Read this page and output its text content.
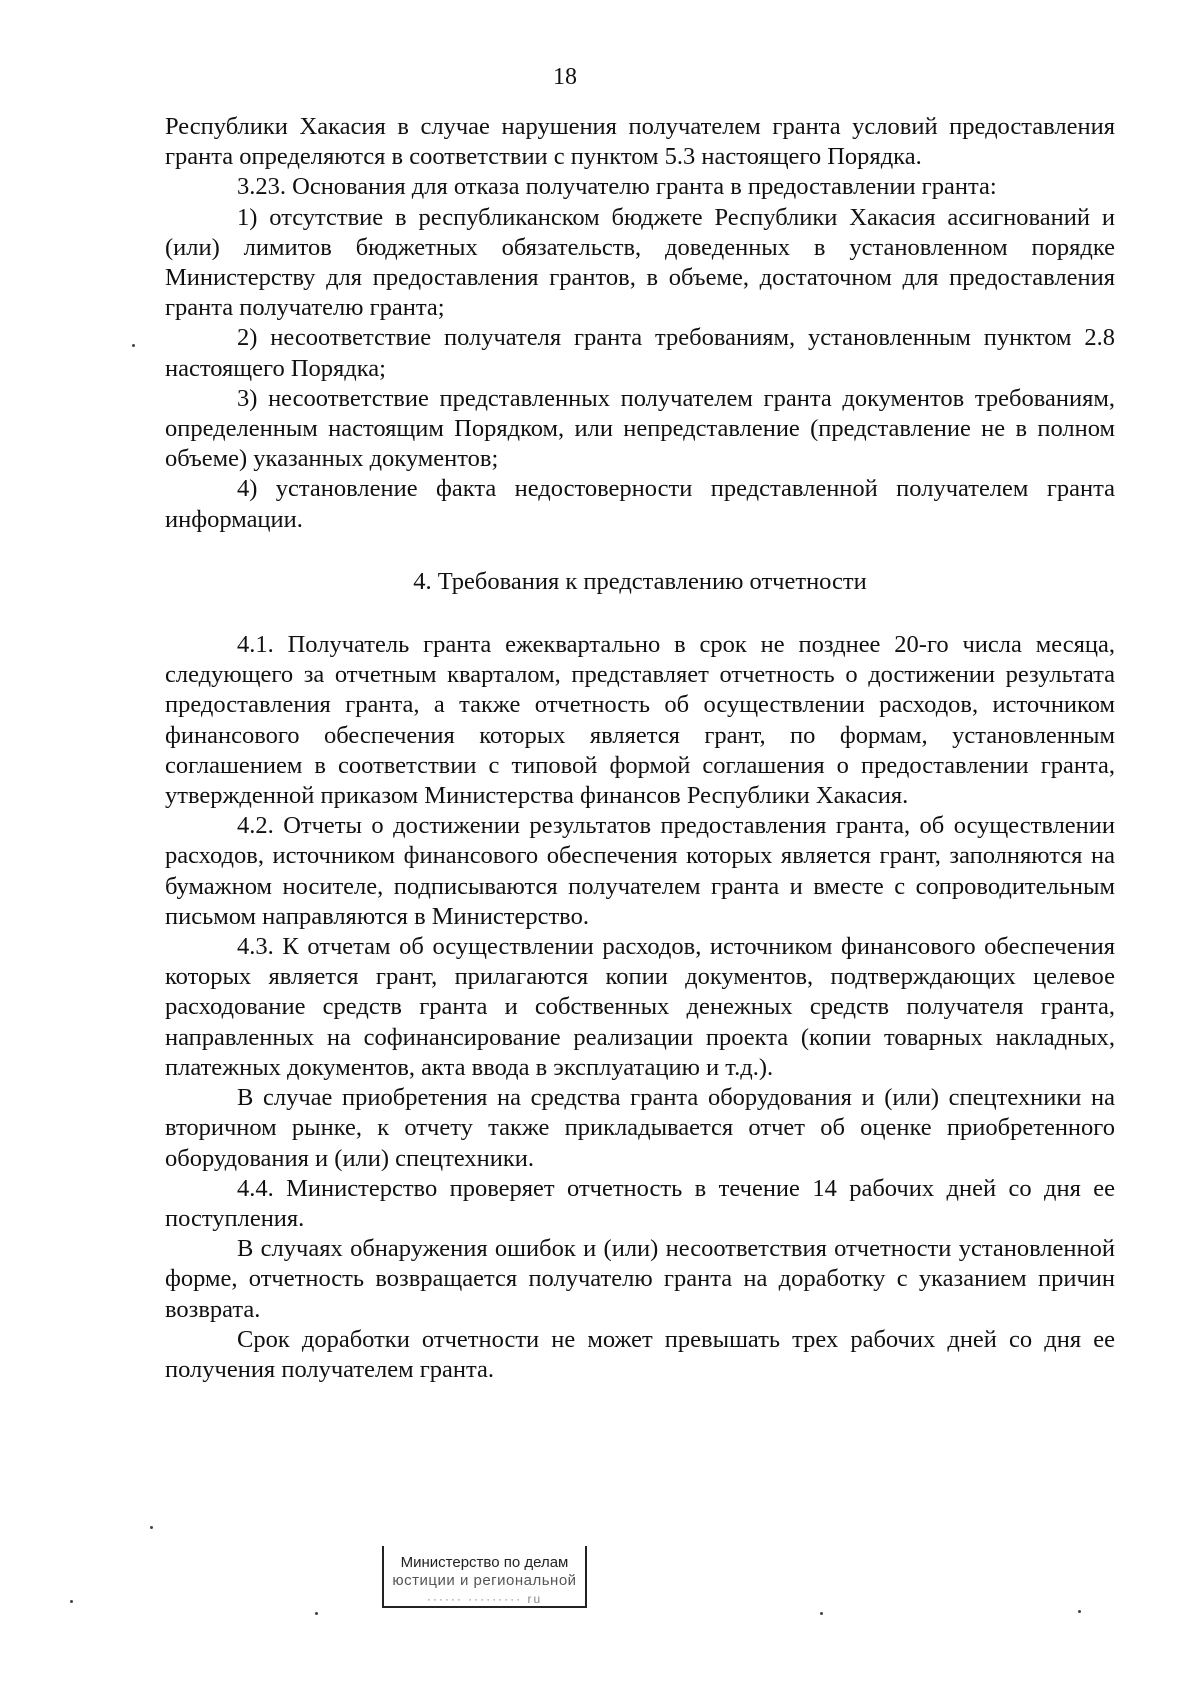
18

Республики Хакасия в случае нарушения получателем гранта условий предоставления гранта определяются в соответствии с пунктом 5.3 настоящего Порядка.

3.23. Основания для отказа получателю гранта в предоставлении гранта:

1) отсутствие в республиканском бюджете Республики Хакасия ассигнований и (или) лимитов бюджетных обязательств, доведенных в установленном порядке Министерству для предоставления грантов, в объеме, достаточном для предоставления гранта получателю гранта;

2) несоответствие получателя гранта требованиям, установленным пунктом 2.8 настоящего Порядка;

3) несоответствие представленных получателем гранта документов требованиям, определенным настоящим Порядком, или непредставление (представление не в полном объеме) указанных документов;

4) установление факта недостоверности представленной получателем гранта информации.

4. Требования к представлению отчетности

4.1. Получатель гранта ежеквартально в срок не позднее 20-го числа месяца, следующего за отчетным кварталом, представляет отчетность о достижении результата предоставления гранта, а также отчетность об осуществлении расходов, источником финансового обеспечения которых является грант, по формам, установленным соглашением в соответствии с типовой формой соглашения о предоставлении гранта, утвержденной приказом Министерства финансов Республики Хакасия.

4.2. Отчеты о достижении результатов предоставления гранта, об осуществлении расходов, источником финансового обеспечения которых является грант, заполняются на бумажном носителе, подписываются получателем гранта и вместе с сопроводительным письмом направляются в Министерство.

4.3. К отчетам об осуществлении расходов, источником финансового обеспечения которых является грант, прилагаются копии документов, подтверждающих целевое расходование средств гранта и собственных денежных средств получателя гранта, направленных на софинансирование реализации проекта (копии товарных накладных, платежных документов, акта ввода в эксплуатацию и т.д.).

В случае приобретения на средства гранта оборудования и (или) спецтехники на вторичном рынке, к отчету также прикладывается отчет об оценке приобретенного оборудования и (или) спецтехники.

4.4. Министерство проверяет отчетность в течение 14 рабочих дней со дня ее поступления.

В случаях обнаружения ошибок и (или) несоответствия отчетности установленной форме, отчетность возвращается получателю гранта на доработку с указанием причин возврата.

Срок доработки отчетности не может превышать трех рабочих дней со дня ее получения получателем гранта.

Министерство по делам
юстиции и региональной
······ ········· ru
